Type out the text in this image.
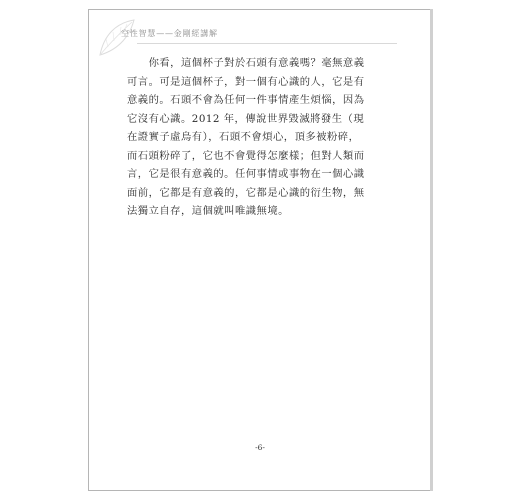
空性智慧——金剛經講解
　　你看，這個杯子對於石頭有意義嗎？毫無意義
可言。可是這個杯子，對一個有心識的人，它是有
意義的。石頭不會為任何一件事情產生煩惱，因為
它沒有心識。2012 年，傳說世界毀滅將發生（現
在證實子虛烏有），石頭不會煩心，頂多被粉碎，
而石頭粉碎了，它也不會覺得怎麼樣；但對人類而
言，它是很有意義的。任何事情或事物在一個心識
面前，它都是有意義的，它都是心識的衍生物，無
法獨立自存，這個就叫唯識無境。
-6-
